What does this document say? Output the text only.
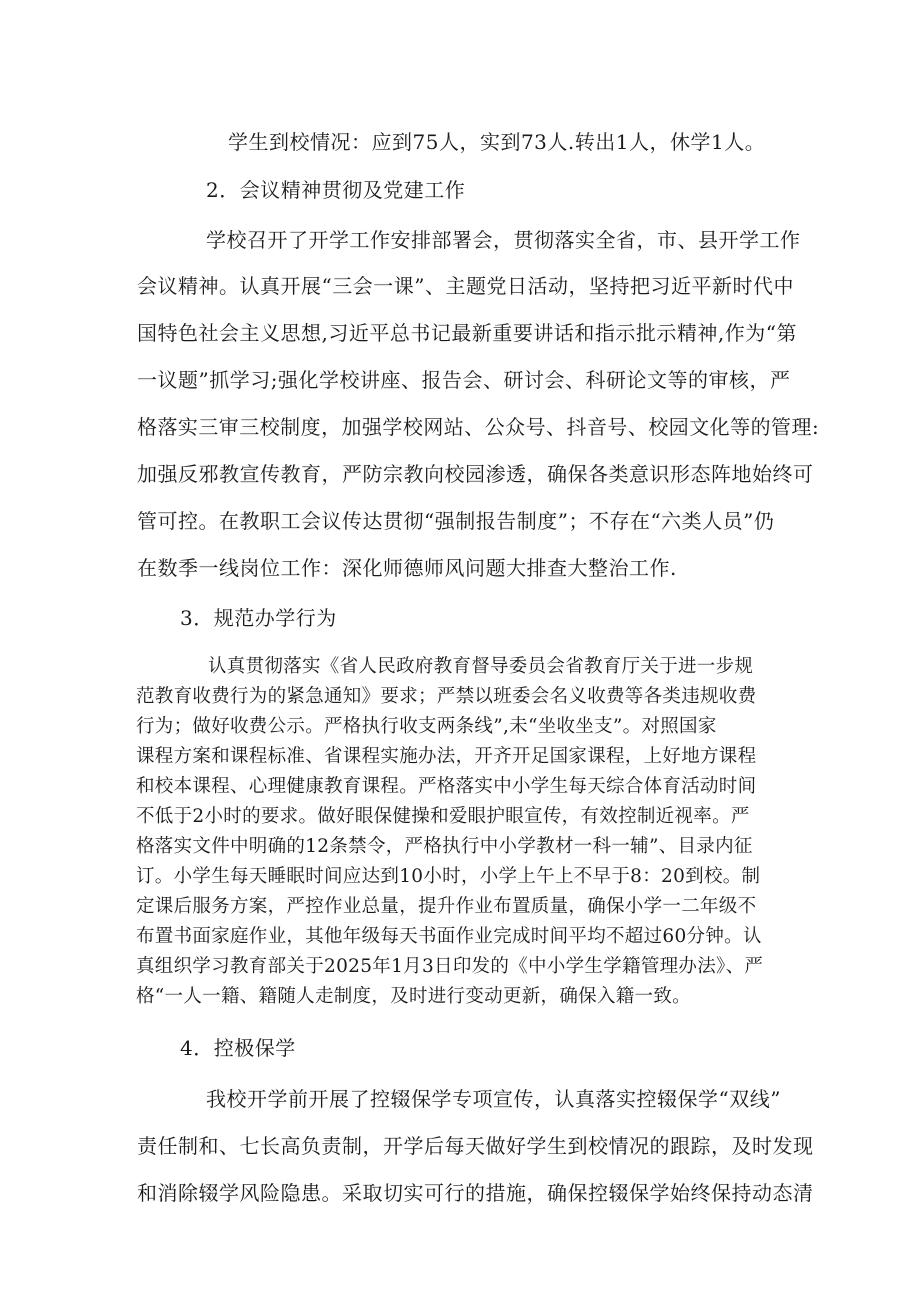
学生到校情况：应到75人，实到73人.转出1人，休学1人。
2．会议精神贯彻及党建工作
学校召开了开学工作安排部署会，贯彻落实全省，市、县开学工作
会议精神。认真开展“三会一课”、主题党日活动，坚持把习近平新时代中
国特色社会主义思想,习近平总书记最新重要讲话和指示批示精神,作为“第
一议题”抓学习;强化学校讲座、报告会、研讨会、科研论文等的审核，严
格落实三审三校制度，加强学校网站、公众号、抖音号、校园文化等的管理:
加强反邪教宣传教育，严防宗教向校园渗透，确保各类意识形态阵地始终可
管可控。在教职工会议传达贯彻“强制报告制度”；不存在“六类人员”仍
在数季一线岗位工作：深化师德师风问题大排查大整治工作.
3．规范办学行为
认真贯彻落实《省人民政府教育督导委员会省教育厅关于进一步规
范教育收费行为的紧急通知》要求；严禁以班委会名义收费等各类违规收费
行为；做好收费公示。严格执行收支两条线”,未“坐收坐支”。对照国家
课程方案和课程标准、省课程实施办法，开齐开足国家课程，上好地方课程
和校本课程、心理健康教育课程。严格落实中小学生每天综合体育活动时间
不低于2小时的要求。做好眼保健操和爱眼护眼宣传，有效控制近视率。严
格落实文件中明确的12条禁令，严格执行中小学教材一科一辅”、目录内征
订。小学生每天睡眠时间应达到10小时，小学上午上不早于8：20到校。制
定课后服务方案，严控作业总量，提升作业布置质量，确保小学一二年级不
布置书面家庭作业，其他年级每天书面作业完成时间平均不超过60分钟。认
真组织学习教育部关于2025年1月3日印发的《中小学生学籍管理办法》、严
格“一人一籍、籍随人走制度，及时进行变动更新，确保入籍一致。
4．控极保学
我校开学前开展了控辍保学专项宣传，认真落实控辍保学“双线”
责任制和、七长高负责制，开学后每天做好学生到校情况的跟踪，及时发现
和消除辍学风险隐患。采取切实可行的措施，确保控辍保学始终保持动态清
